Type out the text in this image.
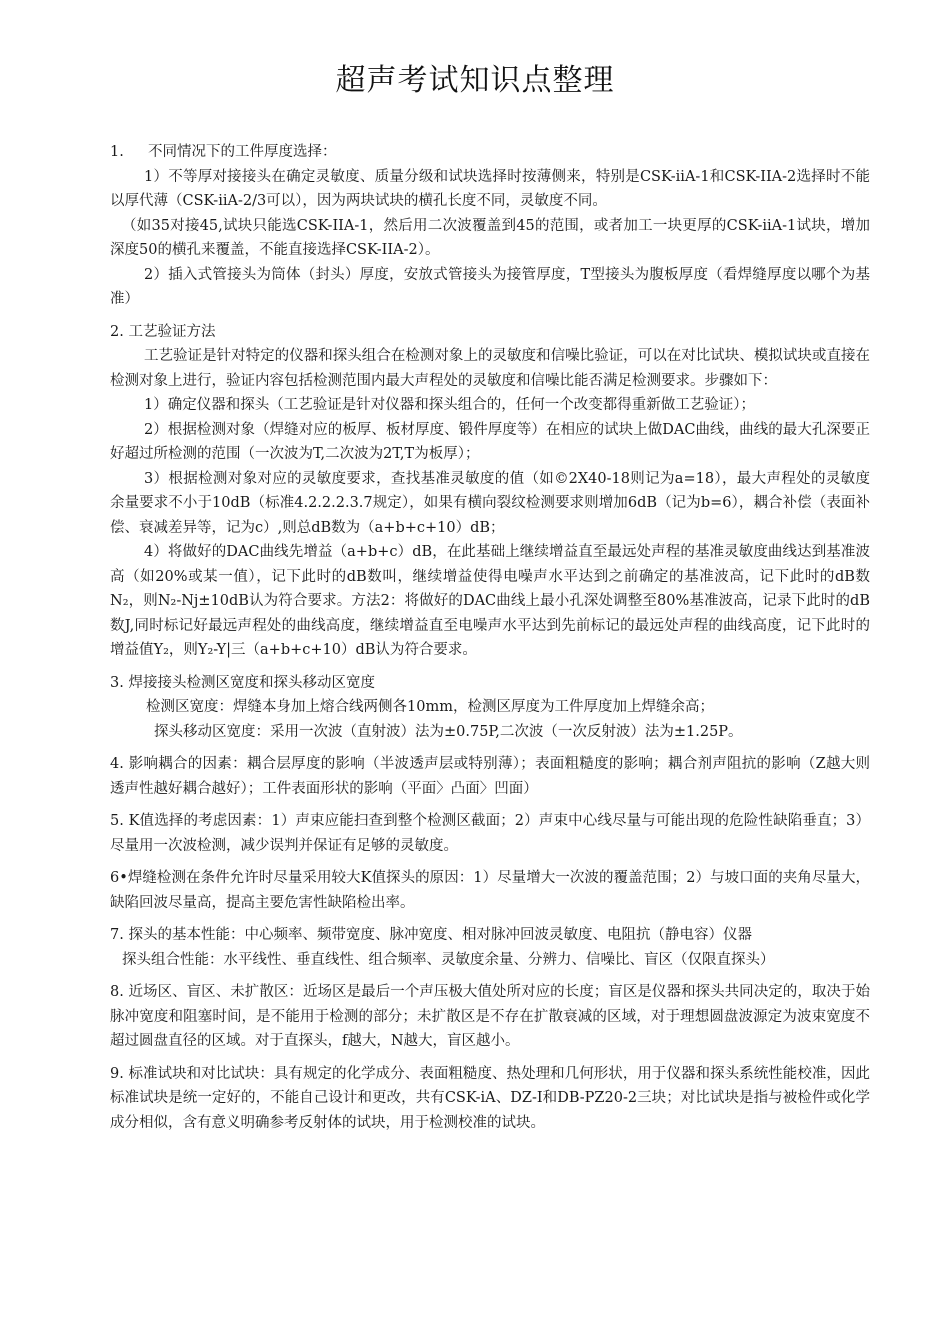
超声考试知识点整理

1. 不同情况下的工件厚度选择：

1）不等厚对接接头在确定灵敏度、质量分级和试块选择时按薄侧来，特别是CSK-iiA-1和CSK-IIA-2选择时不能以厚代薄（CSK-iiA-2/3可以），因为两块试块的横孔长度不同，灵敏度不同。

（如35对接45,试块只能选CSK-IIA-1，然后用二次波覆盖到45的范围，或者加工一块更厚的CSK-iiA-1试块，增加深度50的横孔来覆盖，不能直接选择CSK-IIA-2）。

2）插入式管接头为筒体（封头）厚度，安放式管接头为接管厚度，T型接头为腹板厚度（看焊缝厚度以哪个为基准）

2. 工艺验证方法

工艺验证是针对特定的仪器和探头组合在检测对象上的灵敏度和信噪比验证，可以在对比试块、模拟试块或直接在检测对象上进行，验证内容包括检测范围内最大声程处的灵敏度和信噪比能否满足检测要求。步骤如下：

1）确定仪器和探头（工艺验证是针对仪器和探头组合的，任何一个改变都得重新做工艺验证）；

2）根据检测对象（焊缝对应的板厚、板材厚度、锻件厚度等）在相应的试块上做DAC曲线，曲线的最大孔深要正好超过所检测的范围（一次波为T,二次波为2T,T为板厚）；

3）根据检测对象对应的灵敏度要求，查找基准灵敏度的值（如©2X40-18则记为a=18），最大声程处的灵敏度余量要求不小于10dB（标准4.2.2.2.3.7规定），如果有横向裂纹检测要求则增加6dB（记为b=6），耦合补偿（表面补偿、衰减差异等，记为c）,则总dB数为（a+b+c+10）dB；

4）将做好的DAC曲线先增益（a+b+c）dB，在此基础上继续增益直至最远处声程的基准灵敏度曲线达到基准波高（如20%或某一值），记下此时的dB数叫，继续增益使得电噪声水平达到之前确定的基准波高，记下此时的dB数N₂，则N₂-Nj±10dB认为符合要求。方法2：将做好的DAC曲线上最小孔深处调整至80%基准波高，记录下此时的dB数J,同时标记好最远声程处的曲线高度，继续增益直至电噪声水平达到先前标记的最远处声程的曲线高度，记下此时的增益值Y₂，则Y₂-Y|三（a+b+c+10）dB认为符合要求。

3. 焊接接头检测区宽度和探头移动区宽度

检测区宽度：焊缝本身加上熔合线两侧各10mm，检测区厚度为工件厚度加上焊缝余高；

探头移动区宽度：采用一次波（直射波）法为±0.75P,二次波（一次反射波）法为±1.25P。

4. 影响耦合的因素：耦合层厚度的影响（半波透声层或特别薄）；表面粗糙度的影响；耦合剂声阻抗的影响（Z越大则透声性越好耦合越好）；工件表面形状的影响（平面〉凸面〉凹面）

5. K值选择的考虑因素：1）声束应能扫查到整个检测区截面；2）声束中心线尽量与可能出现的危险性缺陷垂直；3）尽量用一次波检测，减少误判并保证有足够的灵敏度。

6•焊缝检测在条件允许时尽量采用较大K值探头的原因：1）尽量增大一次波的覆盖范围；2）与坡口面的夹角尽量大，缺陷回波尽量高，提高主要危害性缺陷检出率。

7. 探头的基本性能：中心频率、频带宽度、脉冲宽度、相对脉冲回波灵敏度、电阻抗（静电容）仪器

探头组合性能：水平线性、垂直线性、组合频率、灵敏度余量、分辨力、信噪比、盲区（仅限直探头）

8. 近场区、盲区、未扩散区：近场区是最后一个声压极大值处所对应的长度；盲区是仪器和探头共同决定的，取决于始脉冲宽度和阻塞时间，是不能用于检测的部分；未扩散区是不存在扩散衰减的区域，对于理想圆盘波源定为波束宽度不超过圆盘直径的区域。对于直探头，f越大，N越大，盲区越小。

9. 标准试块和对比试块：具有规定的化学成分、表面粗糙度、热处理和几何形状，用于仪器和探头系统性能校准，因此标准试块是统一定好的，不能自己设计和更改，共有CSK-iA、DZ-I和DB-PZ20-2三块；对比试块是指与被检件或化学成分相似，含有意义明确参考反射体的试块，用于检测校准的试块。
